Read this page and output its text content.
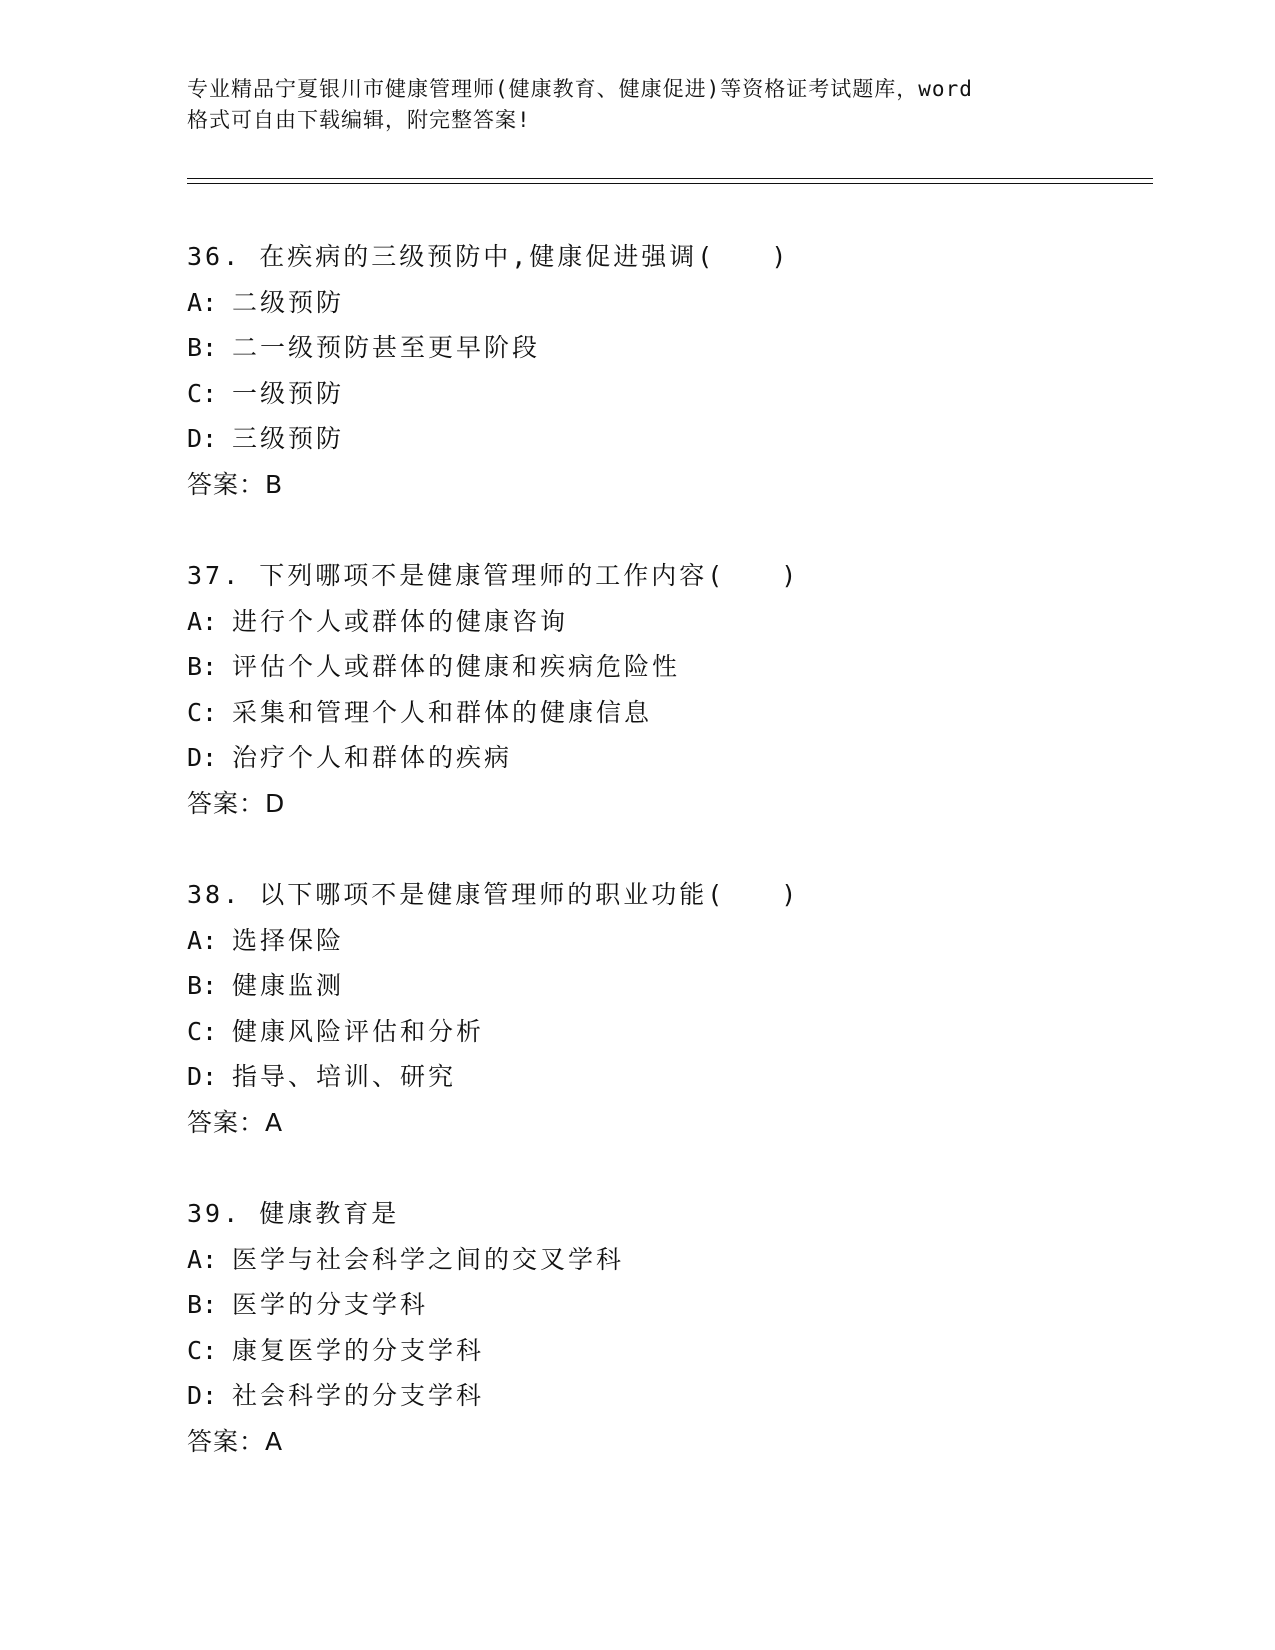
专业精品宁夏银川市健康管理师(健康教育、健康促进)等资格证考试题库，word
格式可自由下载编辑，附完整答案!
36. 在疾病的三级预防中,健康促进强调(　　)
A: 二级预防
B: 二一级预防甚至更早阶段
C: 一级预防
D: 三级预防
答案：B
37. 下列哪项不是健康管理师的工作内容(　　)
A: 进行个人或群体的健康咨询
B: 评估个人或群体的健康和疾病危险性
C: 采集和管理个人和群体的健康信息
D: 治疗个人和群体的疾病
答案：D
38. 以下哪项不是健康管理师的职业功能(　　)
A: 选择保险
B: 健康监测
C: 健康风险评估和分析
D: 指导、培训、研究
答案：A
39. 健康教育是
A: 医学与社会科学之间的交叉学科
B: 医学的分支学科
C: 康复医学的分支学科
D: 社会科学的分支学科
答案：A
